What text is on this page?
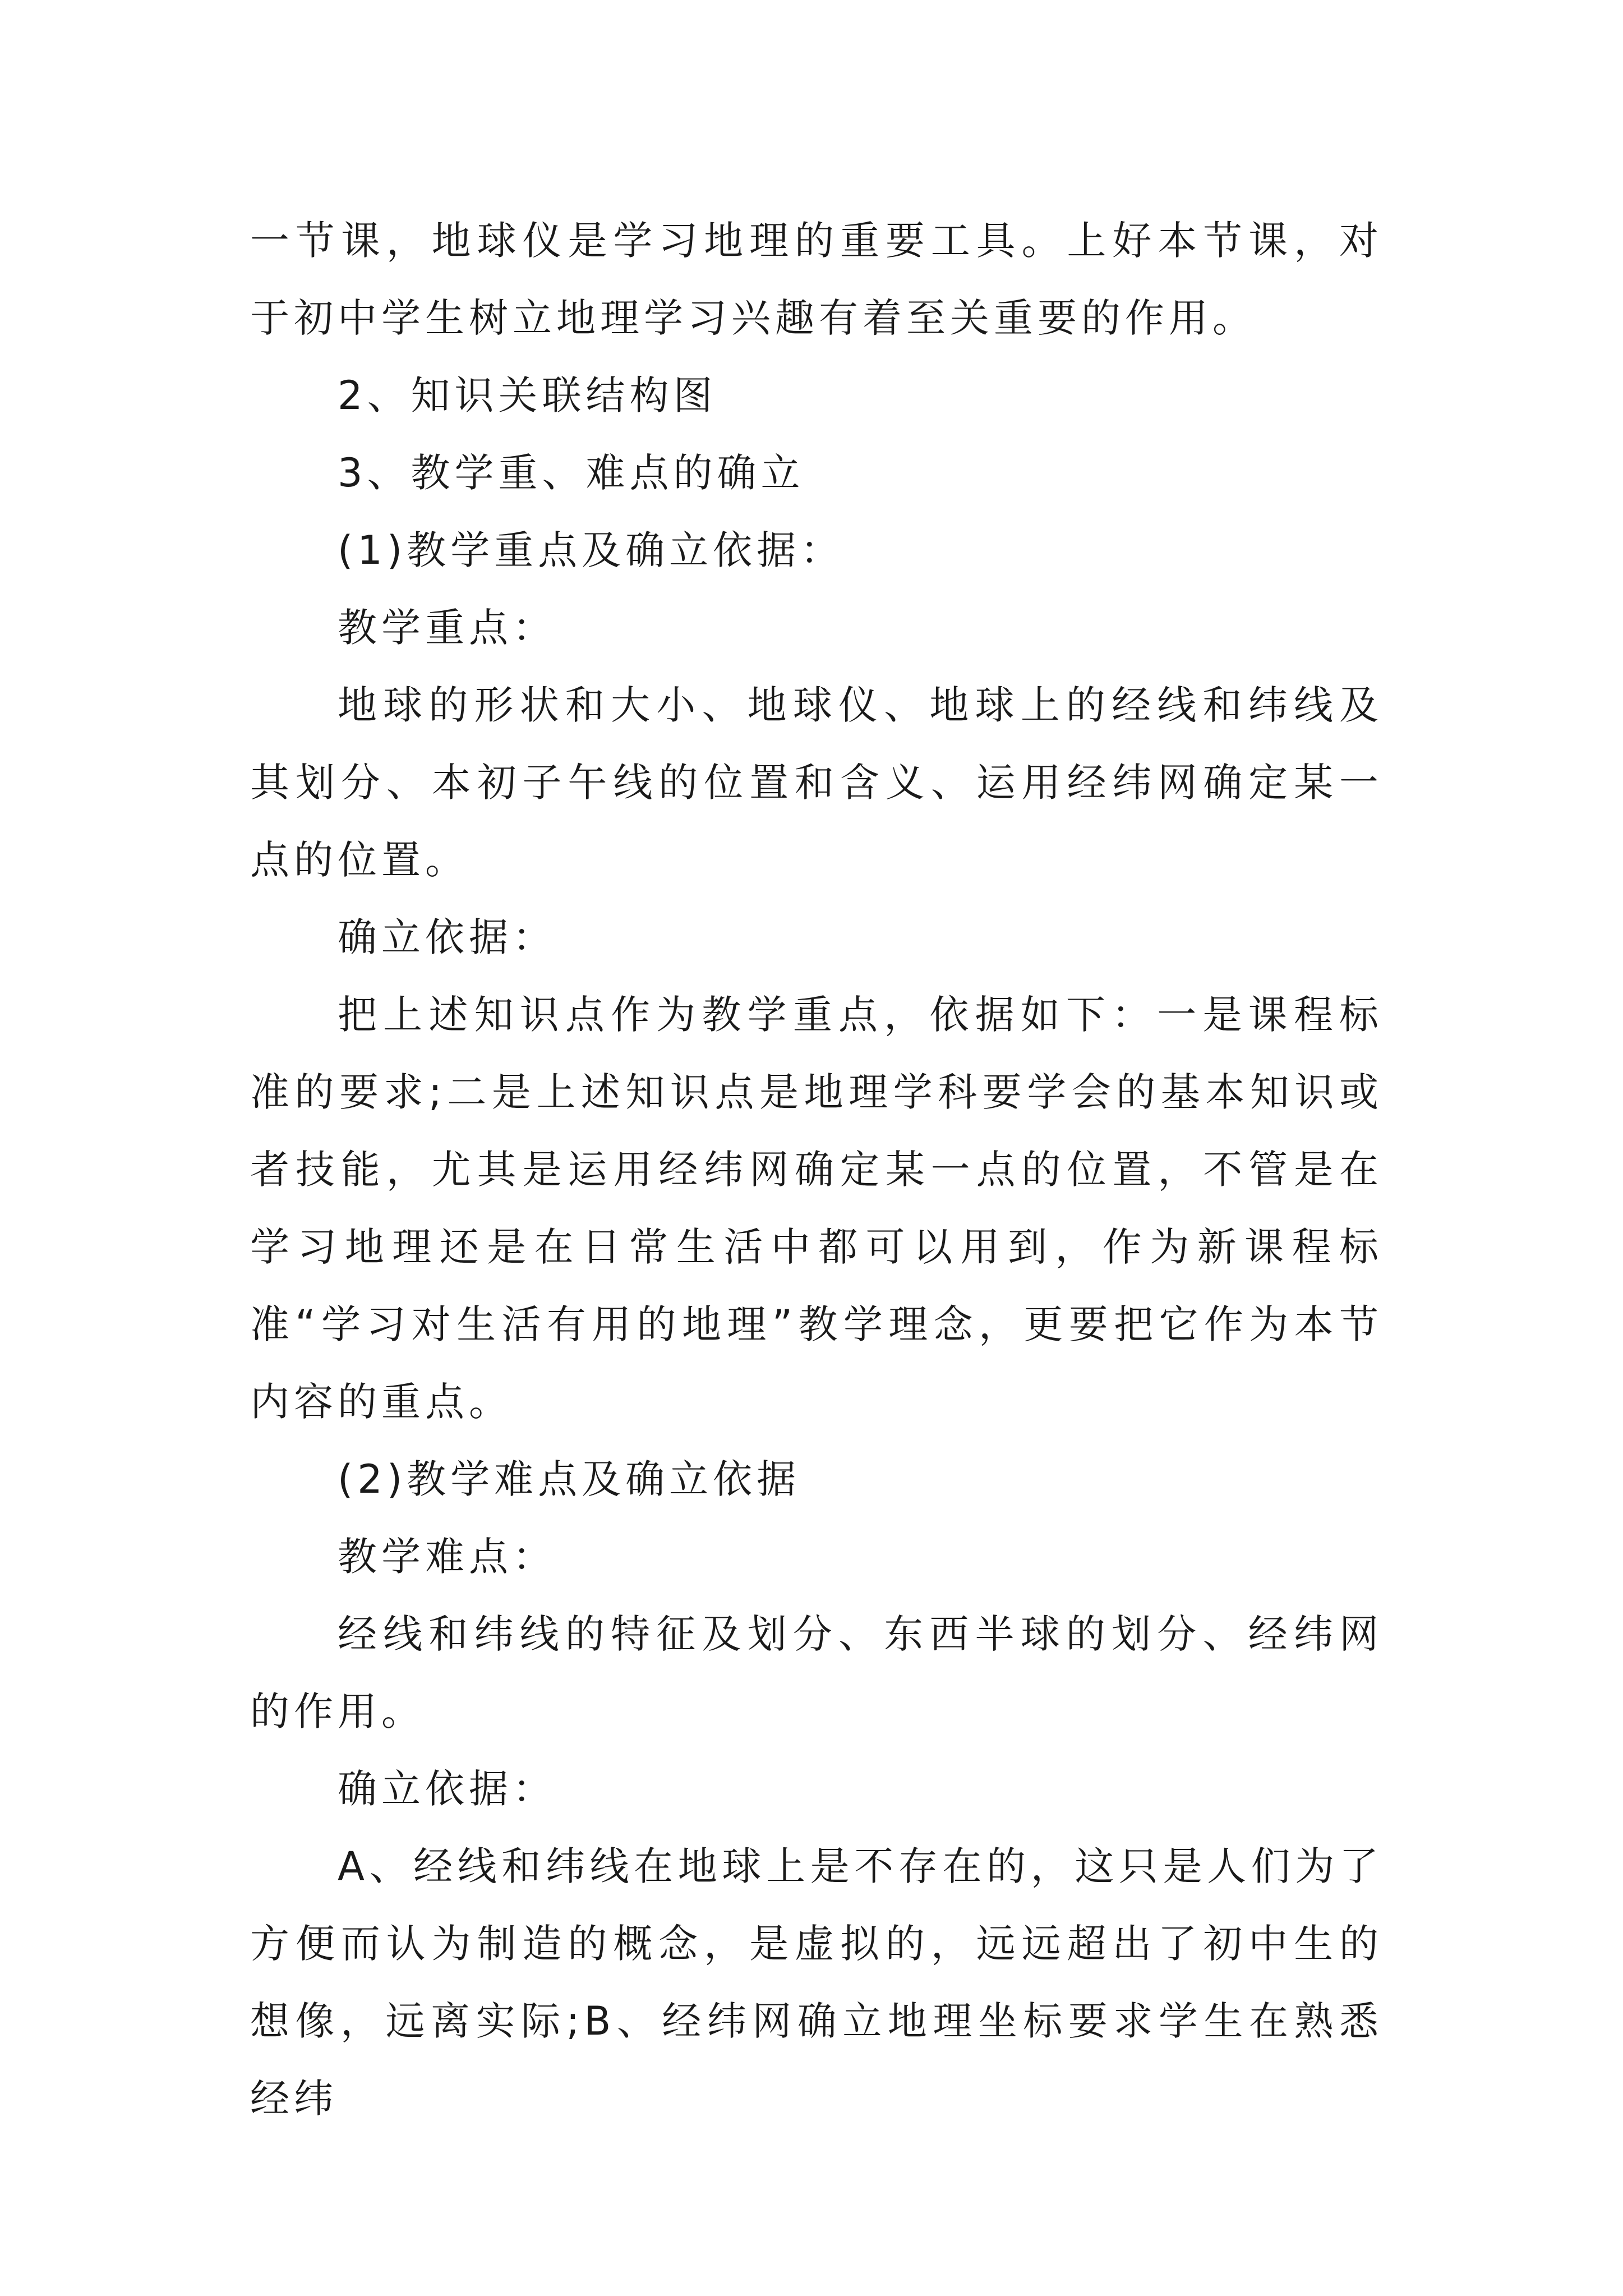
一节课，地球仪是学习地理的重要工具。上好本节课，对于初中学生树立地理学习兴趣有着至关重要的作用。

2、知识关联结构图

3、教学重、难点的确立

(1)教学重点及确立依据：

教学重点：

地球的形状和大小、地球仪、地球上的经线和纬线及其划分、本初子午线的位置和含义、运用经纬网确定某一点的位置。

确立依据：

把上述知识点作为教学重点，依据如下：一是课程标准的要求;二是上述知识点是地理学科要学会的基本知识或者技能，尤其是运用经纬网确定某一点的位置，不管是在学习地理还是在日常生活中都可以用到，作为新课程标准“学习对生活有用的地理”教学理念，更要把它作为本节内容的重点。

(2)教学难点及确立依据

教学难点：

经线和纬线的特征及划分、东西半球的划分、经纬网的作用。

确立依据：

A、经线和纬线在地球上是不存在的，这只是人们为了方便而认为制造的概念，是虚拟的，远远超出了初中生的想像，远离实际;B、经纬网确立地理坐标要求学生在熟悉经纬
